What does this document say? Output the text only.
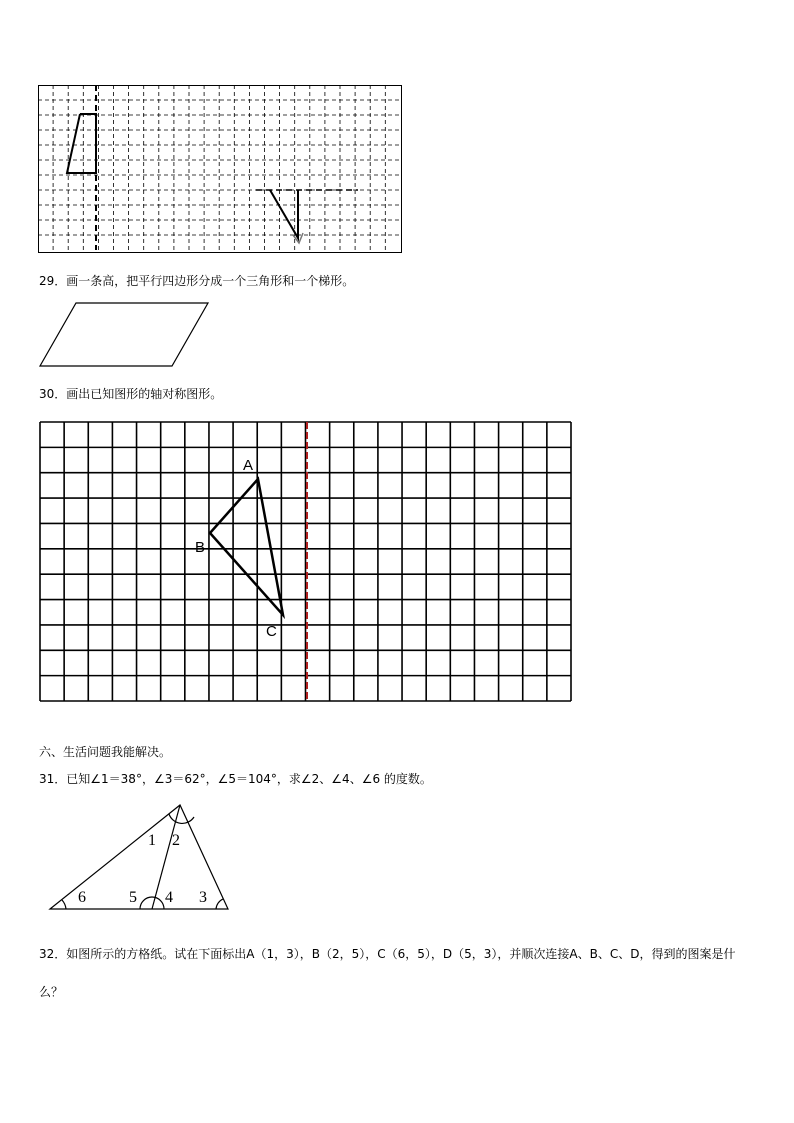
29．画一条高，把平行四边形分成一个三角形和一个梯形。
30．画出已知图形的轴对称图形。
A
B
C
六、生活问题我能解决。
31．已知∠1＝38°，∠3＝62°，∠5＝104°，求∠2、∠4、∠6 的度数。
1 2
3
4
5
6
32．如图所示的方格纸。试在下面标出A（1，3），B（2，5），C（6，5），D（5，3），并顺次连接A、B、C、D，得到的图案是什么？
